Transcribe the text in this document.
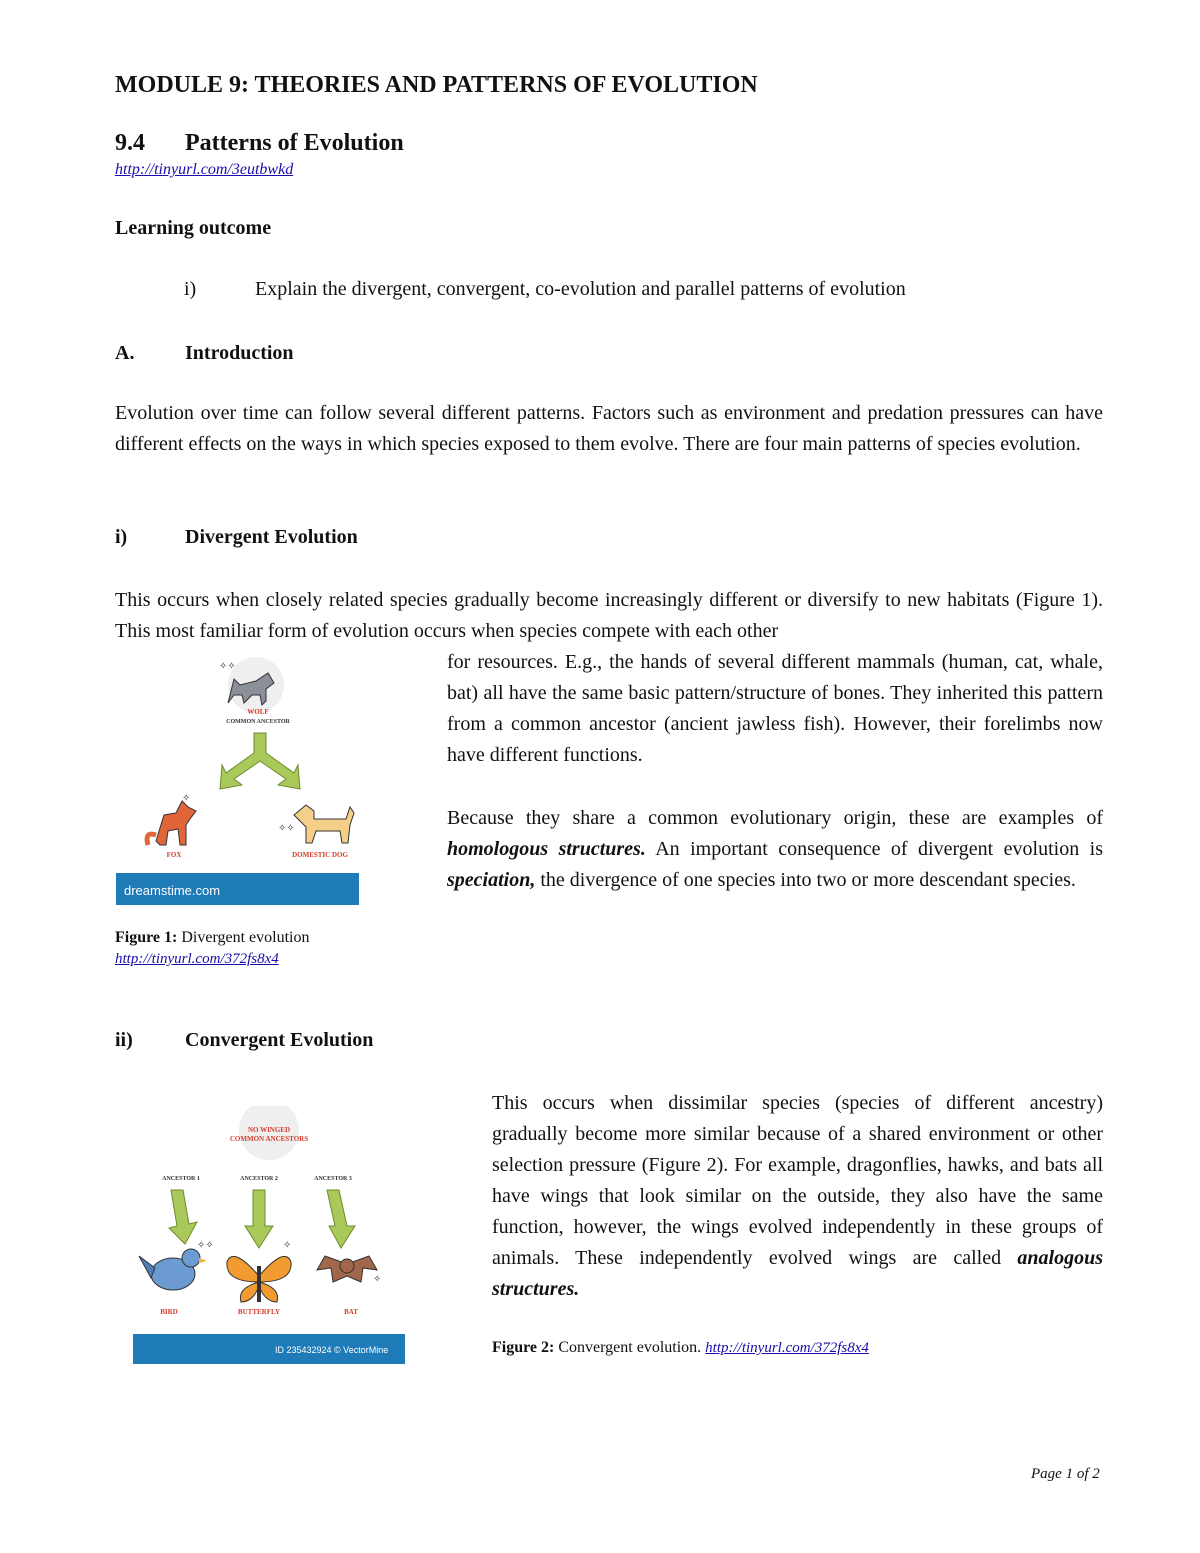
MODULE 9: THEORIES AND PATTERNS OF EVOLUTION
9.4 Patterns of Evolution
http://tinyurl.com/3eutbwkd
Learning outcome
i)	Explain the divergent, convergent, co-evolution and parallel patterns of evolution
A.	Introduction
Evolution over time can follow several different patterns. Factors such as environment and predation pressures can have different effects on the ways in which species exposed to them evolve. There are four main patterns of species evolution.
i)	Divergent Evolution
This occurs when closely related species gradually become increasingly different or diversify to new habitats (Figure 1). This most familiar form of evolution occurs when species compete with each other
for resources. E.g., the hands of several different mammals (human, cat, whale, bat) all have the same basic pattern/structure of bones. They inherited this pattern from a common ancestor (ancient jawless fish). However, their forelimbs now have different functions.
Because they share a common evolutionary origin, these are examples of homologous structures. An important consequence of divergent evolution is speciation, the divergence of one species into two or more descendant species.
✧✧
WOLF
COMMON ANCESTOR
✧
FOX
✧✧
DOMESTIC DOG
dreamstime.com
Figure 1: Divergent evolution
http://tinyurl.com/372fs8x4
ii)	Convergent Evolution
This occurs when dissimilar species (species of different ancestry) gradually become more similar because of a shared environment or other selection pressure (Figure 2). For example, dragonflies, hawks, and bats all have wings that look similar on the outside, they also have the same function, however, the wings evolved independently in these groups of animals. These independently evolved wings are called analogous structures.
NO WINGED
COMMON ANCESTORS
ANCESTOR 1	ANCESTOR 2	ANCESTOR 3
✧✧
BIRD
✧
BUTTERFLY
✧
BAT
ID 235432924 © VectorMine	Figure 2: Convergent evolution. http://tinyurl.com/372fs8x4
Page 1 of 2
